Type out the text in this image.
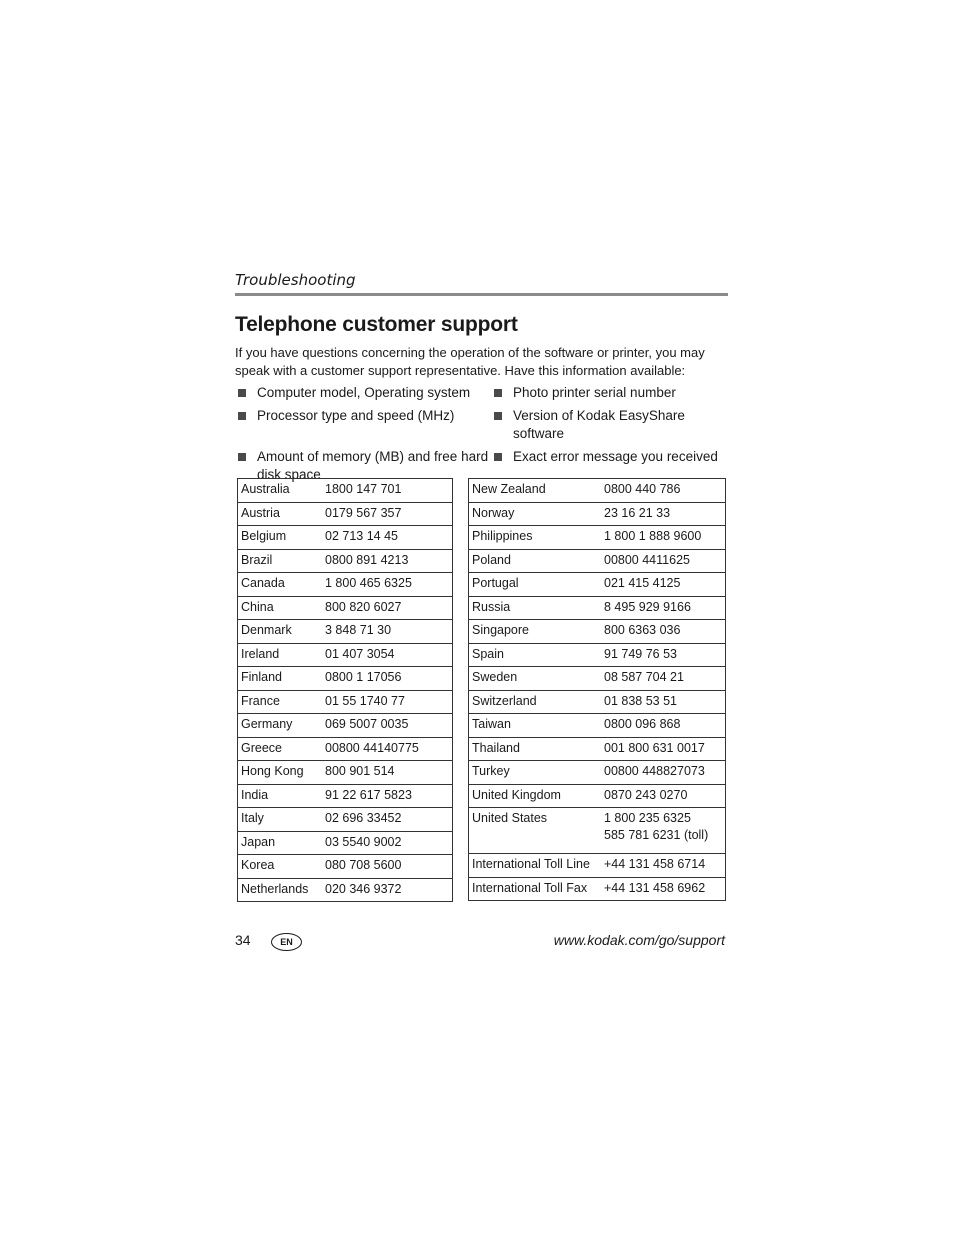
Troubleshooting
Telephone customer support

If you have questions concerning the operation of the software or printer, you may speak with a customer support representative. Have this information available:

Computer model, Operating system	Photo printer serial number
Processor type and speed (MHz)	Version of Kodak EasyShare software
Amount of memory (MB) and free hard disk space
Exact error message you received
Australia	1800 147 701
Austria	0179 567 357
Belgium	02 713 14 45
Brazil	0800 891 4213
Canada	1 800 465 6325
China	800 820 6027
Denmark	3 848 71 30
Ireland	01 407 3054
Finland	0800 1 17056
France	01 55 1740 77
Germany	069 5007 0035
Greece	00800 44140775
Hong Kong	800 901 514
India	91 22 617 5823
Italy	02 696 33452
Japan	03 5540 9002
Korea	080 708 5600
Netherlands	020 346 9372
New Zealand	0800 440 786
Norway	23 16 21 33
Philippines	1 800 1 888 9600
Poland	00800 4411625
Portugal	021 415 4125
Russia	8 495 929 9166
Singapore	800 6363 036
Spain	91 749 76 53
Sweden	08 587 704 21
Switzerland	01 838 53 51
Taiwan	0800 096 868
Thailand	001 800 631 0017
Turkey	00800 448827073
United Kingdom	0870 243 0270
United States	1 800 235 6325
585 781 6231 (toll)

International Toll Line	+44 131 458 6714
International Toll Fax	+44 131 458 6962
34	EN	www.kodak.com/go/support
